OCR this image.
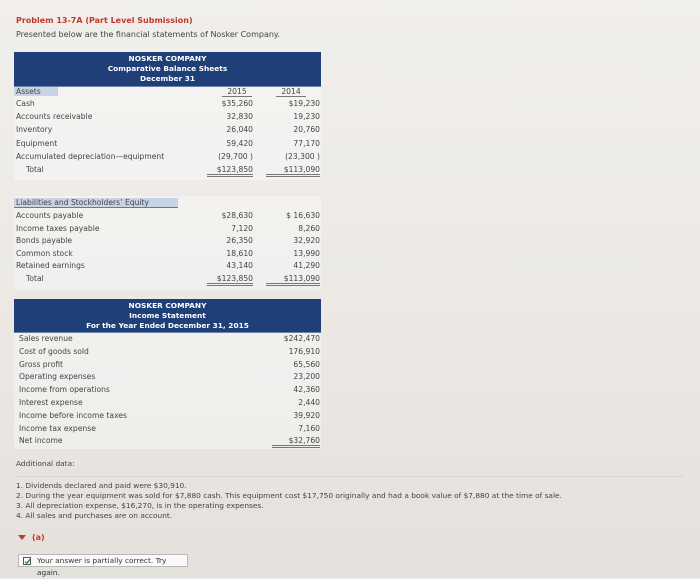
Problem 13-7A (Part Level Submission)
Presented below are the financial statements of Nosker Company.
NOSKER COMPANY
Comparative Balance Sheets
December 31
Assets	2015	2014
Liabilities and Stockholders’ Equity
NOSKER COMPANY
Income Statement
For the Year Ended December 31, 2015
Additional data:
(a)
Your answer is partially correct. Try again.
Cash	$35,260	$19,230
Accounts receivable	32,830	19,230
Inventory	26,040	20,760
Equipment	59,420	77,170
Accumulated depreciation—equipment	(29,700 )	(23,300 )
Total	$123,850	$113,090
Accounts payable	$28,630	$ 16,630
Income taxes payable	7,120	8,260
Bonds payable	26,350	32,920
Common stock	18,610	13,990
Retained earnings	43,140	41,290
Total	$123,850	$113,090
Sales revenue	$242,470
Cost of goods sold	176,910
Gross profit	65,560
Operating expenses	23,200
Income from operations	42,360
Interest expense	2,440
Income before income taxes	39,920
Income tax expense	7,160
Net income	$32,760
1. Dividends declared and paid were $30,910.
2. During the year equipment was sold for $7,880 cash. This equipment cost $17,750 originally and had a book value of $7,880 at the time of sale.
3. All depreciation expense, $16,270, is in the operating expenses.
4. All sales and purchases are on account.
